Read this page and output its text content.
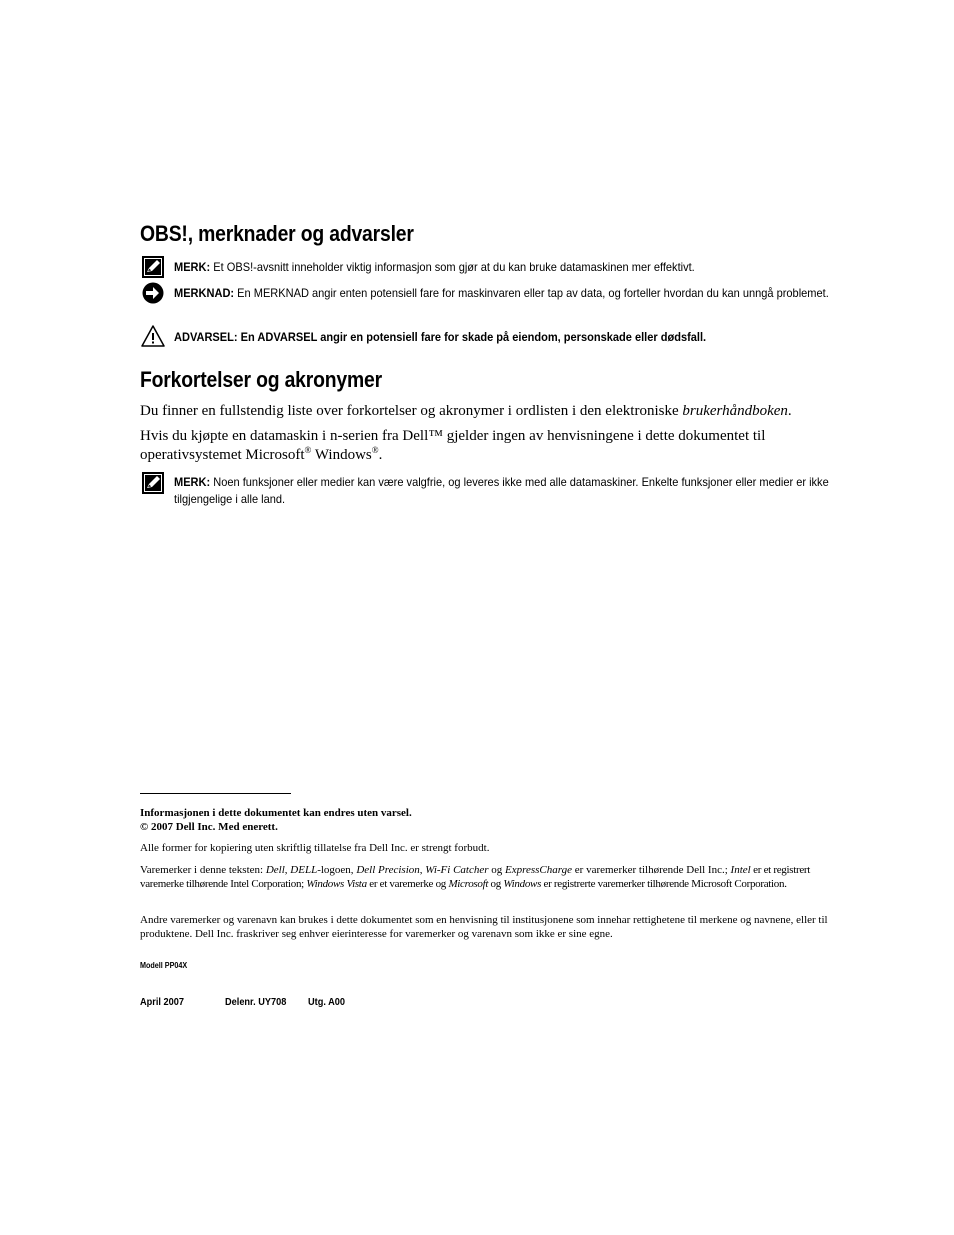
OBS!, merknader og advarsler
MERK: Et OBS!-avsnitt inneholder viktig informasjon som gjør at du kan bruke datamaskinen mer effektivt.
MERKNAD: En MERKNAD angir enten potensiell fare for maskinvaren eller tap av data, og forteller hvordan du kan unngå problemet.
ADVARSEL: En ADVARSEL angir en potensiell fare for skade på eiendom, personskade eller dødsfall.
Forkortelser og akronymer
Du finner en fullstendig liste over forkortelser og akronymer i ordlisten i den elektroniske brukerhåndboken.
Hvis du kjøpte en datamaskin i n-serien fra Dell™ gjelder ingen av henvisningene i dette dokumentet til operativsystemet Microsoft® Windows®.
MERK: Noen funksjoner eller medier kan være valgfrie, og leveres ikke med alle datamaskiner. Enkelte funksjoner eller medier er ikke tilgjengelige i alle land.
Informasjonen i dette dokumentet kan endres uten varsel.
© 2007 Dell Inc. Med enerett.
Alle former for kopiering uten skriftlig tillatelse fra Dell Inc. er strengt forbudt.
Varemerker i denne teksten: Dell, DELL-logoen, Dell Precision, Wi-Fi Catcher og ExpressCharge er varemerker tilhørende Dell Inc.; Intel er et registrert varemerke tilhørende Intel Corporation; Windows Vista er et varemerke og Microsoft og Windows er registrerte varemerker tilhørende Microsoft Corporation.
Andre varemerker og varenavn kan brukes i dette dokumentet som en henvisning til institusjonene som innehar rettighetene til merkene og navnene, eller til produktene. Dell Inc. fraskriver seg enhver eierinteresse for varemerker og varenavn som ikke er sine egne.
Modell PP04X
April 2007	Delenr. UY708 Utg. A00
